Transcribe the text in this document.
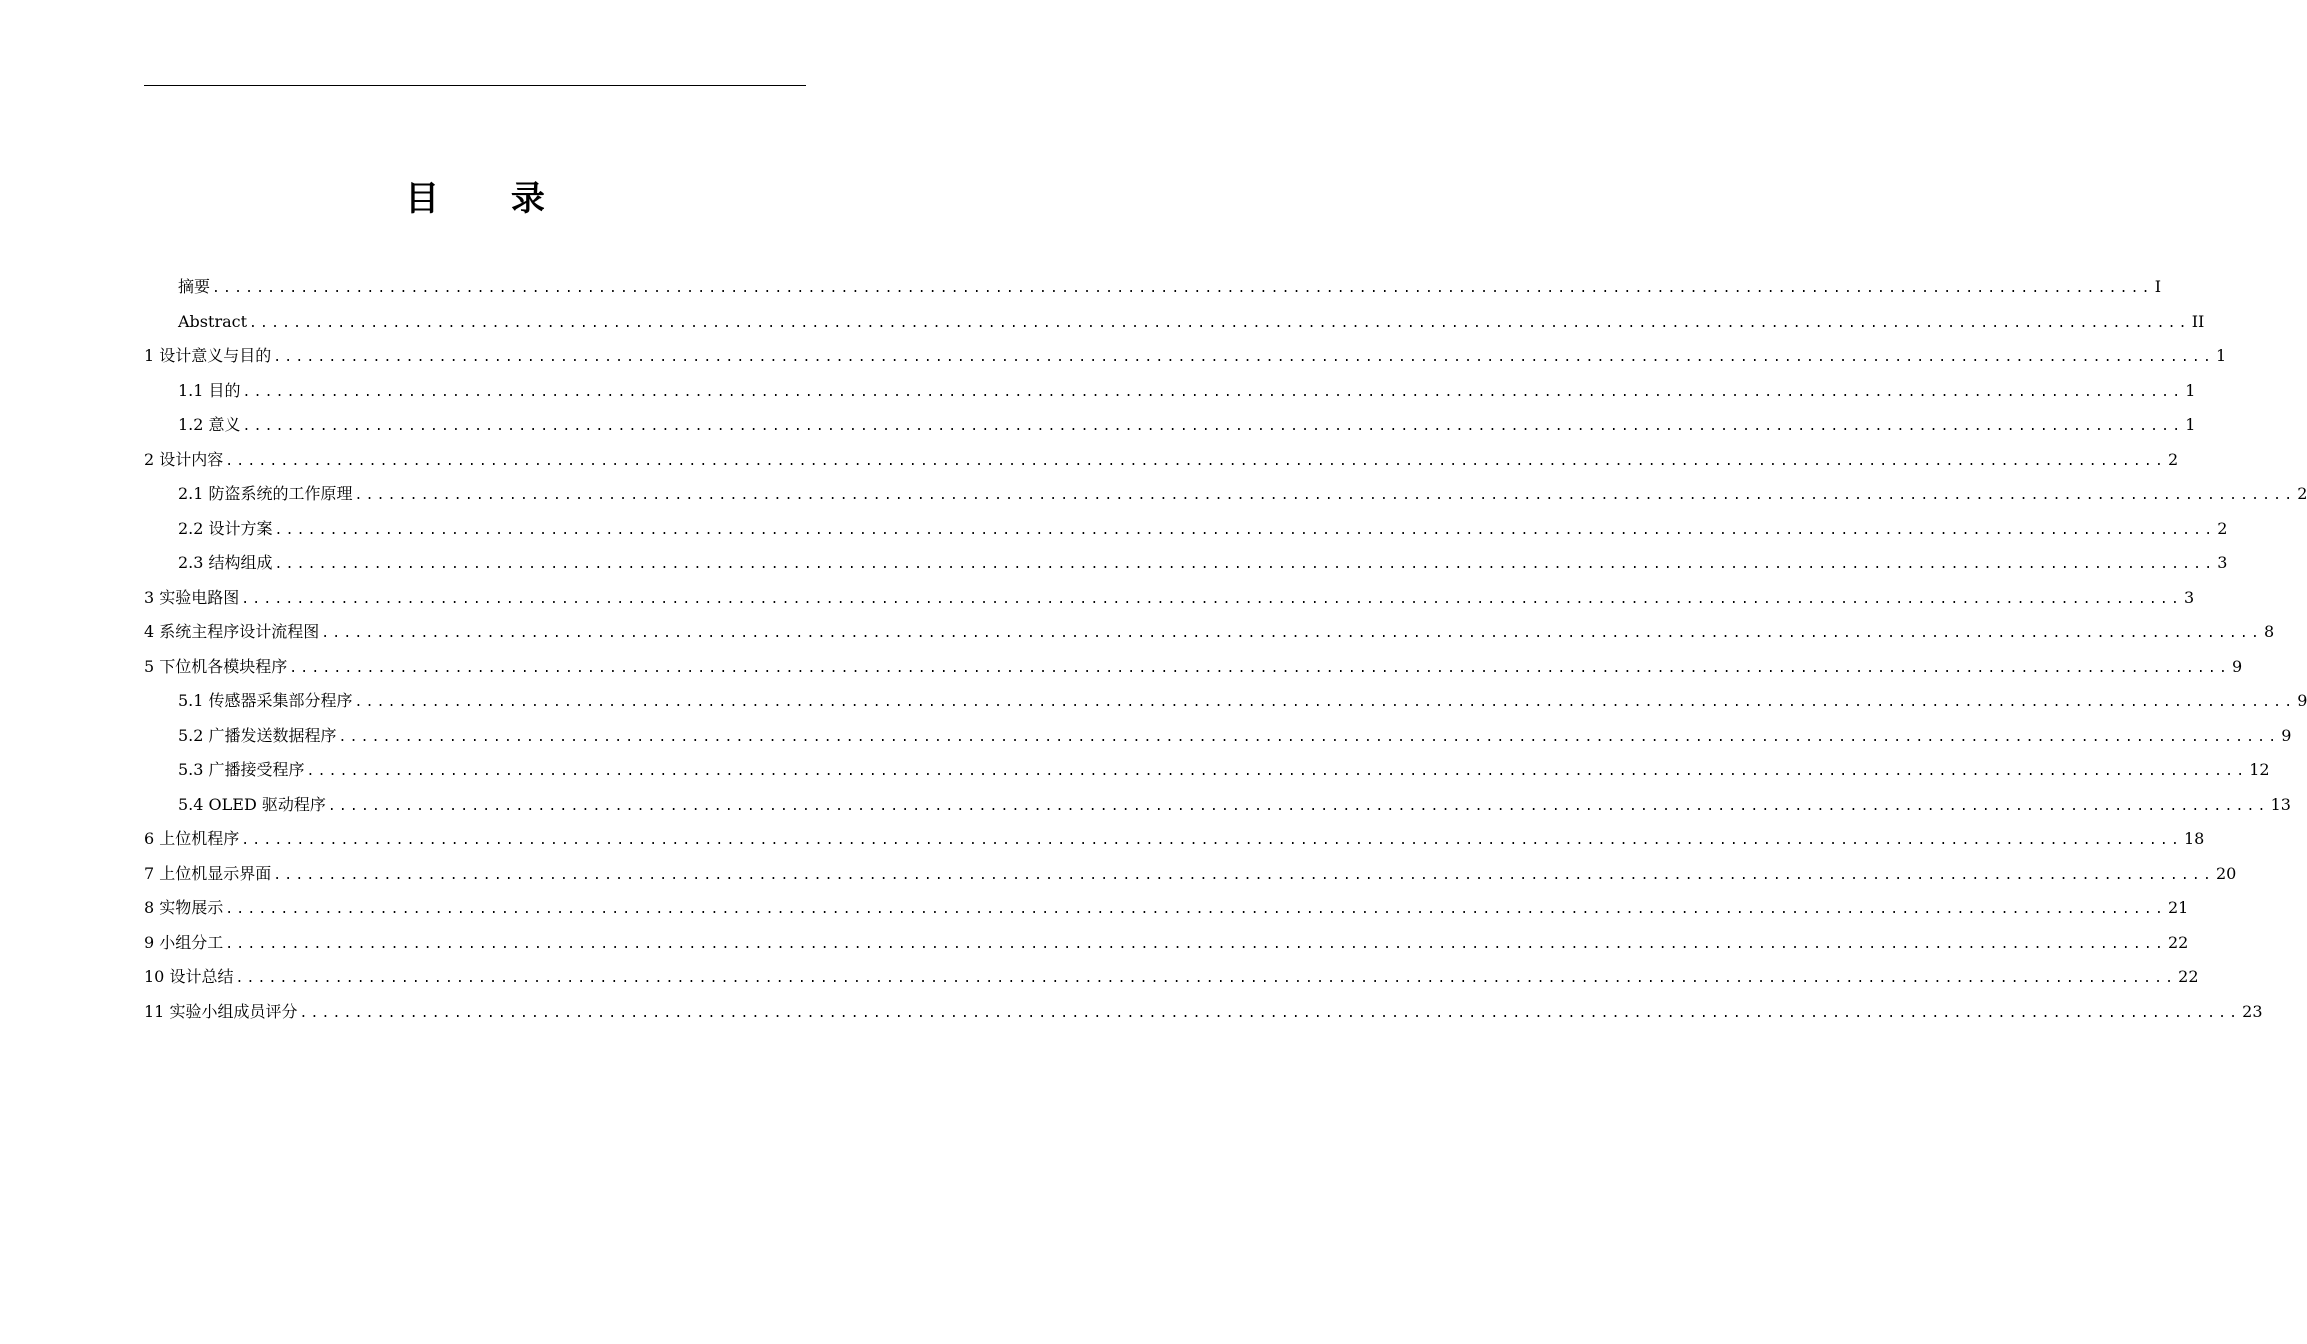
目 录
摘要 ................................................................................................................................................................................ I
Abstract ................................................................................................................................................................................ II
1 设计意义与目的 ................................................................................................................................................................................ 1
1.1 目的 ................................................................................................................................................................................ 1
1.2 意义 ................................................................................................................................................................................ 1
2 设计内容 ................................................................................................................................................................................ 2
2.1 防盗系统的工作原理 ................................................................................................................................................................................ 2
2.2 设计方案 ................................................................................................................................................................................ 2
2.3 结构组成 ................................................................................................................................................................................ 3
3 实验电路图 ................................................................................................................................................................................ 3
4 系统主程序设计流程图 ................................................................................................................................................................................ 8
5 下位机各模块程序 ................................................................................................................................................................................ 9
5.1 传感器采集部分程序 ................................................................................................................................................................................ 9
5.2 广播发送数据程序 ................................................................................................................................................................................ 9
5.3 广播接受程序 ................................................................................................................................................................................ 12
5.4 OLED 驱动程序 ................................................................................................................................................................................ 13
6 上位机程序 ................................................................................................................................................................................ 18
7 上位机显示界面 ................................................................................................................................................................................ 20
8 实物展示 ................................................................................................................................................................................ 21
9 小组分工 ................................................................................................................................................................................ 22
10 设计总结 ................................................................................................................................................................................ 22
11 实验小组成员评分 ................................................................................................................................................................................ 23
